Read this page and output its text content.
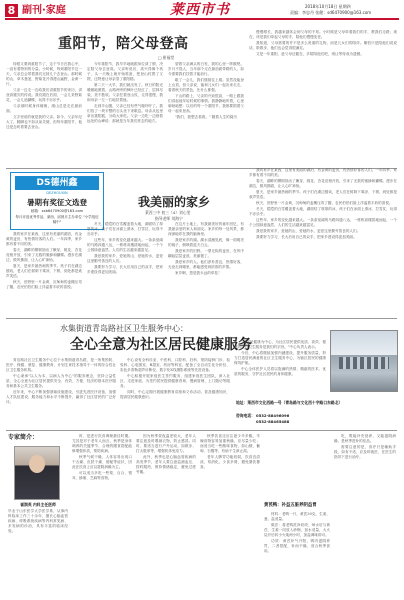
8 副刊·家庭	莱西市书	2018年10月18日 星期四
责编：李忠丹 张健：sd6470900@163.com
重阳节，陪父母登高
□ 崔福堂

转眼又要到重阳节了，这个节日在我心中，一直有着特别的分量。小时候，每到重阳节这一天，父亲总会带着我们兄妹几个去登山。那时候的山，草木葱茏，野菊花开得漫山遍野，金黄一片。

父亲一边走一边给我们讲重阳节的来历，讲登高避灾的传说。我们跟在后面，一会儿采野菊花，一会儿追蝴蝶，玩得不亦乐乎。

父亲那时候身体硬朗，爬山总是走在最前面。

文字里说的就是我的父亲。如今，父亲年纪大了，腿脚也不如从前灵便，但每年重阳节，他还是念叨着要去登山。

今年重阳节，我早早地就跟单位请了假，决定陪父母去登高。父亲听说后，高兴得像个孩子，头一天晚上就开始准备，把登山杖擦了又擦，还特意让母亲蒸了重阳糕。

第二天一大早，我们就出发了。秋日的阳光暖暖地照着，山路两旁的枫叶已经红了，层林尽染，美不胜收。父亲拄着登山杖，走得很慢，我和母亲一左一右地扶着他。

走到半山腰，父亲已经有些气喘吁吁了。我们找了一块平整的石头坐下来歇息。母亲从包里拿出重阳糕，分给大家吃。父亲一边吃一边指着远处的山峰说：那就是当年我们常去的地方。

望着父亲满头的白发，我的心里一阵酸楚。岁月不饶人，当年那个走在最前面带路的人，如今需要我们扶着才能前行。

歇了一会儿，我们继续往上爬。虽然没能登上山顶，但父亲说，能和儿女们一起出来走走，看看秋天的景色，比什么都强。

下山的路上，父亲的兴致很高，一路上跟我们讲起他年轻时候的事情。我静静地听着，心里暗暗地想：以后的每一个重阳节，我都要陪着父母一起来登高。

"我们，我想去看看。" 随着人生的阅历

慢慢增长，我越来越体会到父母的不易。小时候是父母牵着我们的手，教我们走路；现在，该是我们牵起父母的手，陪他们慢慢变老。

我知道，父母需要的并不是多么贵重的礼物，而是儿女们的陪伴。哪怕只是陪他们说说话，散散步，他们也会觉得很满足。

又是一年重阳，趁父母还健在，多陪陪他们吧，别让等待成为遗憾。

DS德州鑫
DEZHOUXIN
暑期有奖征文选登
邮箱：zxb6470900@163.com
每月评选优秀作品，莱西、邱晨月主办单位 "小学组征稿中"
我美丽的家乡
莱西三中 初三（4）刘心雯
指导老师 刘海宁

我的家乡在莱西，这里有美丽的湖泊，有金黄的麦田，有热情好客的人们。一年四季，家乡都有着不同的美。

春天，湖畔的柳树抽出了嫩芽，桃花、杏花竞相开放，引来了无数的蜜蜂和蝴蝶。漫步在湖边，微风拂面，让人心旷神怡。

夏天，是家乡最热闹的季节。孩子们在湖边嬉戏，老人们在树荫下乘凉、下棋，到处都是欢声笑语。

秋天，田野里一片金黄，沉甸甸的麦穗压弯了腰，农民伯伯们脸上洋溢着丰收的喜悦。

冬天，皑皑的白雪覆盖着大地，湖面结了厚厚的冰，孩子们在冰面上滑冰、打雪仗，玩得不亦乐乎。

这些年，家乡的变化越来越大。一条条宽阔的马路四通八达，一栋栋高楼拔地而起，一个个公园绿意盎然，人们的生活越来越富足。

我爱我的家乡，爱她的山，爱她的水，更爱这里勤劳善良的人们。

我要努力学习，长大后用自己的双手，把家乡建设得更加美丽。

在这片土地上，有我最美好的童年回忆，有我最亲爱的家人和朋友。家乡的每一处风景，都深深地印在我的脑海里。

我爱家乡的湖。湖水清澈见底，像一面明亮的镜子，倒映着蓝天白云。

我爱家乡的田野。一望无际的麦田，在风中翻起层层麦浪，美丽极了。

我爱家乡的人。他们淳朴善良，热情好客，无论走到哪里，都能感受到浓浓的乡情。

家乡啊，您是我永远的牵挂！

我的家乡在莱西，这里有美丽的湖泊，有金黄的麦田，有热情好客的人们。一年四季，家乡都有着不同的美。

春天，湖畔的柳树抽出了嫩芽，桃花、杏花竞相开放，引来了无数的蜜蜂和蝴蝶。漫步在湖边，微风拂面，让人心旷神怡。

夏天，是家乡最热闹的季节。孩子们在湖边嬉戏，老人们在树荫下乘凉、下棋，到处都是欢声笑语。

秋天，田野里一片金黄，沉甸甸的麦穗压弯了腰，农民伯伯们脸上洋溢着丰收的喜悦。

冬天，皑皑的白雪覆盖着大地，湖面结了厚厚的冰，孩子们在冰面上滑冰、打雪仗，玩得不亦乐乎。

这些年，家乡的变化越来越大。一条条宽阔的马路四通八达，一栋栋高楼拔地而起，一个个公园绿意盎然，人们的生活越来越富足。

我爱我的家乡，爱她的山，爱她的水，更爱这里勤劳善良的人们。

我要努力学习，长大后用自己的双手，把家乡建设得更加美丽。

水集街道青岛路社区卫生服务中心：
全心全意为社区居民健康服务

青岛路社区卫生服务中心位于水集街道青岛路，是一所集预防、医疗、保健、康复、健康教育、计划生育技术指导于一体的综合性社区卫生服务机构。

中心秉承"以人为本，以病人为中心"的服务理念，坚持公益性质，全心全意为社区居民提供安全、有效、方便、经济的基本医疗服务和基本公共卫生服务。

近年来，中心不断加强基础设施建设，引进先进医疗设备，加强人才队伍建设，服务能力和水平不断提升，赢得了社区居民的广泛好评。

中心设有全科诊室、中医科、口腔科、妇科、预防接种门诊、检验科、心电图室、B超室、药房等科室，配备了全自动生化分析仪、彩色多普勒超声诊断仪、数字化X线摄影系统等先进设备。

中心积极开展家庭医生签约服务，组建家庭医生团队，深入社区、走进家庭，为签约居民提供健康咨询、慢病管理、上门随访等服务。

同时，中心定期开展健康教育讲座和义诊活动，普及健康知识，提高居民健康意识。

"以居民健康为中心，为社区居民提供优质、高效、便捷的医疗卫生服务是我们的宗旨。"中心负责人表示。

今后，中心将继续加强内涵建设，提升服务质量，努力打造居民满意的社区卫生服务中心，为辖区居民的健康保驾护航。

中心全体医护人员将以饱满的热情、精湛的医术、优质的服务，守护社区居民的身体健康。

地址：莱西市文化西路一号（青岛路与文化西十字路口东路北）
咨询电话： 0532-88496096
0532-88465488
专家简介：
崔润英 内科主任医师
毕业于山东医学大学医学系，从事内科临床工作三十余年，擅长心脑血管疾病、呼吸系统疾病等内科常见病、多发病的诊治，具有丰富的临床经验。

时，是进行饮食调理最佳时期。尤其是对于老年人而言，秋季是身体调养的关键季节，合理的膳食搭配能够增强体质，预防疾病。

秋季气候干燥，人体容易出现口干舌燥、皮肤干燥、便秘等症状，因此在饮食上应以滋阴润燥为主。

可以适当多吃一些梨、百合、银耳、蜂蜜、芝麻等食物。

因为秋季昼夜温差较大，老年人要注意及时增减衣物，防止感冒。同时，要适当进行户外运动，如散步、打太极拳等，增强机体免疫力。

此外，秋季也是心脑血管疾病的高发季节，老年人要注意监测血压，按时服药，保持情绪稳定，避免过度劳累。

秋季饮食还应注意少辛多酸。辛辣食物容易加重秋燥，应尽量少吃；而适当吃一些酸味食物，如山楂、葡萄、石榴等，有助于生津止渴。

老年人脾胃功能较弱，饮食宜清淡、易消化，少食多餐，避免暴饮暴食。

黄芪鸭：补益五脏养阴益胃

材料：老鸭一只，黄芪30克，生姜、葱、盐适量。

做法：将老鸭洗净切块，焯水后与黄芪、生姜一同放入砂锅，加水适量，大火烧开后转小火炖两小时，加盐调味即可。

功效：黄芪补气升阳，鸭肉滋阴养胃，二者搭配，补而不燥，适合秋季食用。

吃，既能补充营养，又能滋阴润燥，是秋季进补的佳品。

需要注意的是，食疗只是辅助手段，如有不适，应及时就医，在医生的指导下进行治疗。
